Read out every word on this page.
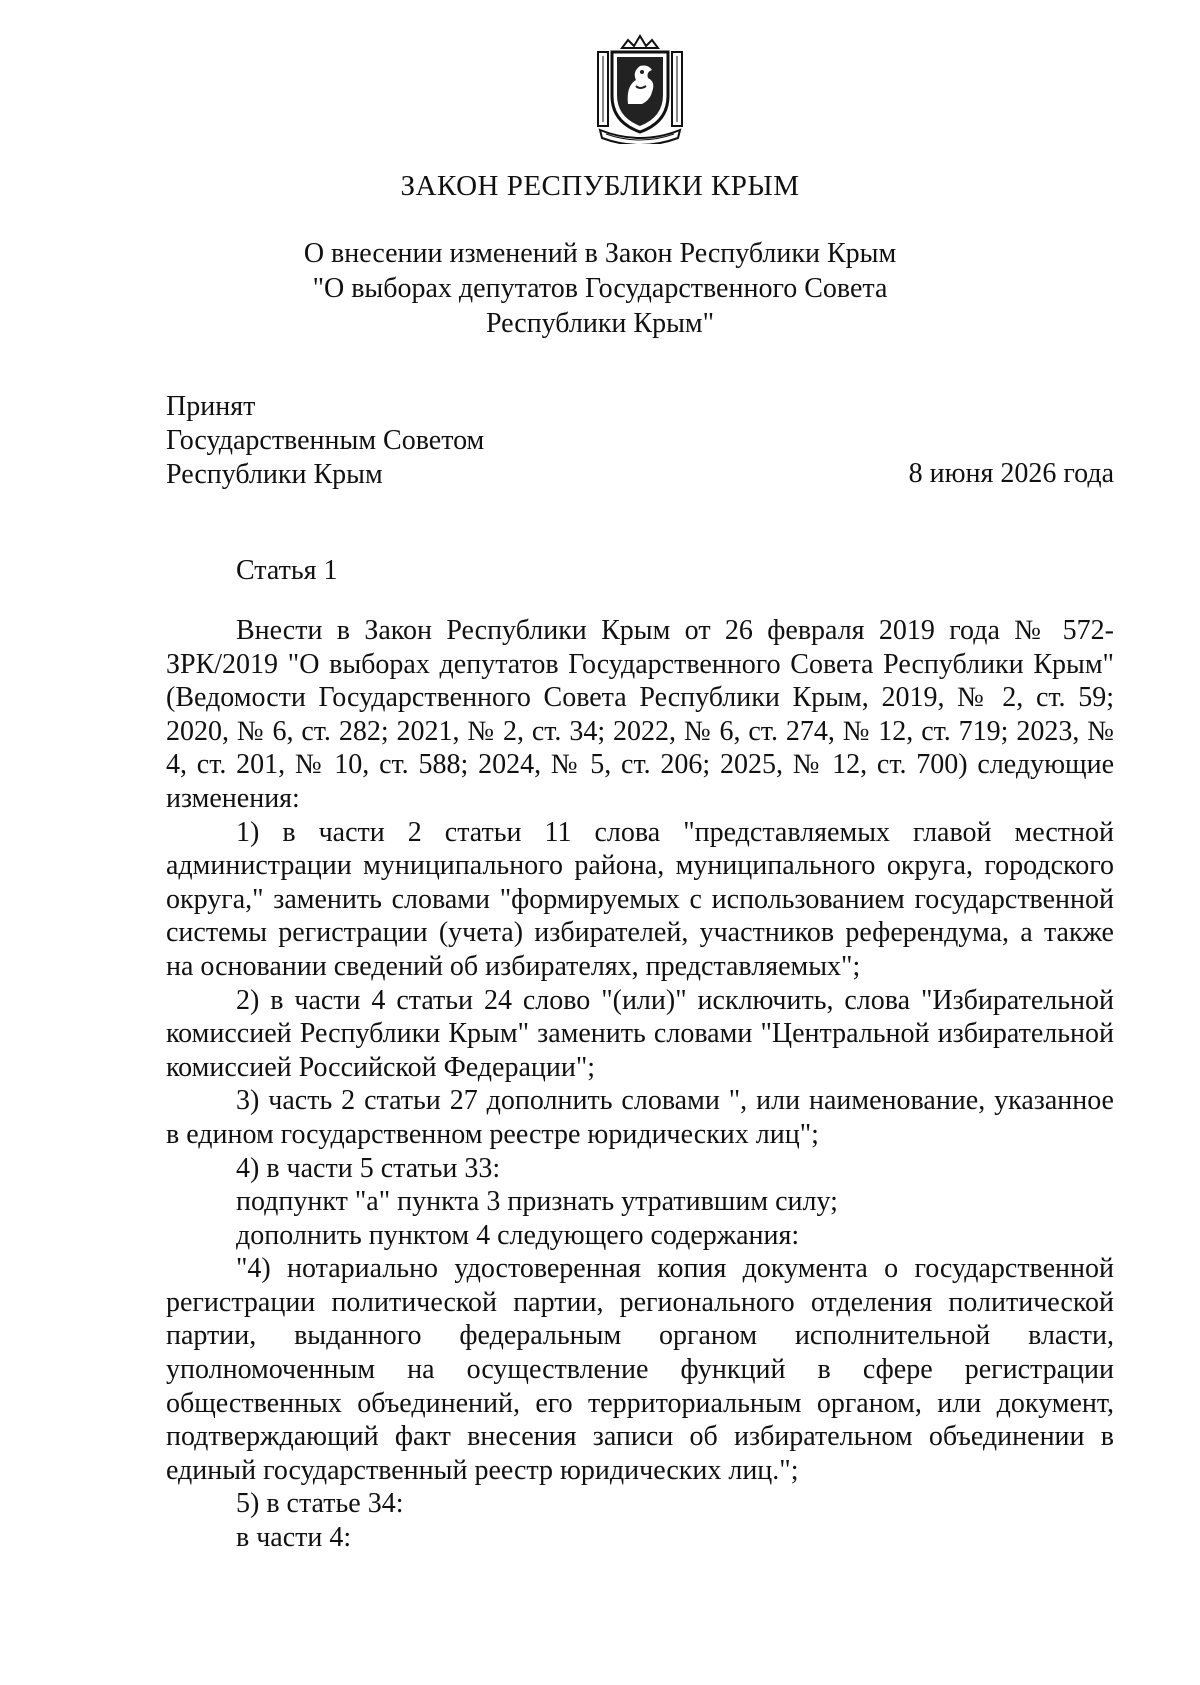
ЗАКОН РЕСПУБЛИКИ КРЫМ
О внесении изменений в Закон Республики Крым
"О выборах депутатов Государственного Совета
Республики Крым"
Принят
Государственным Советом
Республики Крым	8 июня 2026 года
Статья 1

Внести в Закон Республики Крым от 26 февраля 2019 года № 572-ЗРК/2019 "О выборах депутатов Государственного Совета Республики Крым" (Ведомости Государственного Совета Республики Крым, 2019, № 2, ст. 59; 2020, № 6, ст. 282; 2021, № 2, ст. 34; 2022, № 6, ст. 274, № 12, ст. 719; 2023, № 4, ст. 201, № 10, ст. 588; 2024, № 5, ст. 206; 2025, № 12, ст. 700) следующие изменения:

1) в части 2 статьи 11 слова "представляемых главой местной администрации муниципального района, муниципального округа, городского округа," заменить словами "формируемых с использованием государственной системы регистрации (учета) избирателей, участников референдума, а также на основании сведений об избирателях, представляемых";

2) в части 4 статьи 24 слово "(или)" исключить, слова "Избирательной комиссией Республики Крым" заменить словами "Центральной избирательной комиссией Российской Федерации";

3) часть 2 статьи 27 дополнить словами ", или наименование, указанное в едином государственном реестре юридических лиц";

4) в части 5 статьи 33:

подпункт "а" пункта 3 признать утратившим силу;

дополнить пунктом 4 следующего содержания:

"4) нотариально удостоверенная копия документа о государственной регистрации политической партии, регионального отделения политической партии, выданного федеральным органом исполнительной власти, уполномоченным на осуществление функций в сфере регистрации общественных объединений, его территориальным органом, или документ, подтверждающий факт внесения записи об избирательном объединении в единый государственный реестр юридических лиц.";

5) в статье 34:

в части 4:
